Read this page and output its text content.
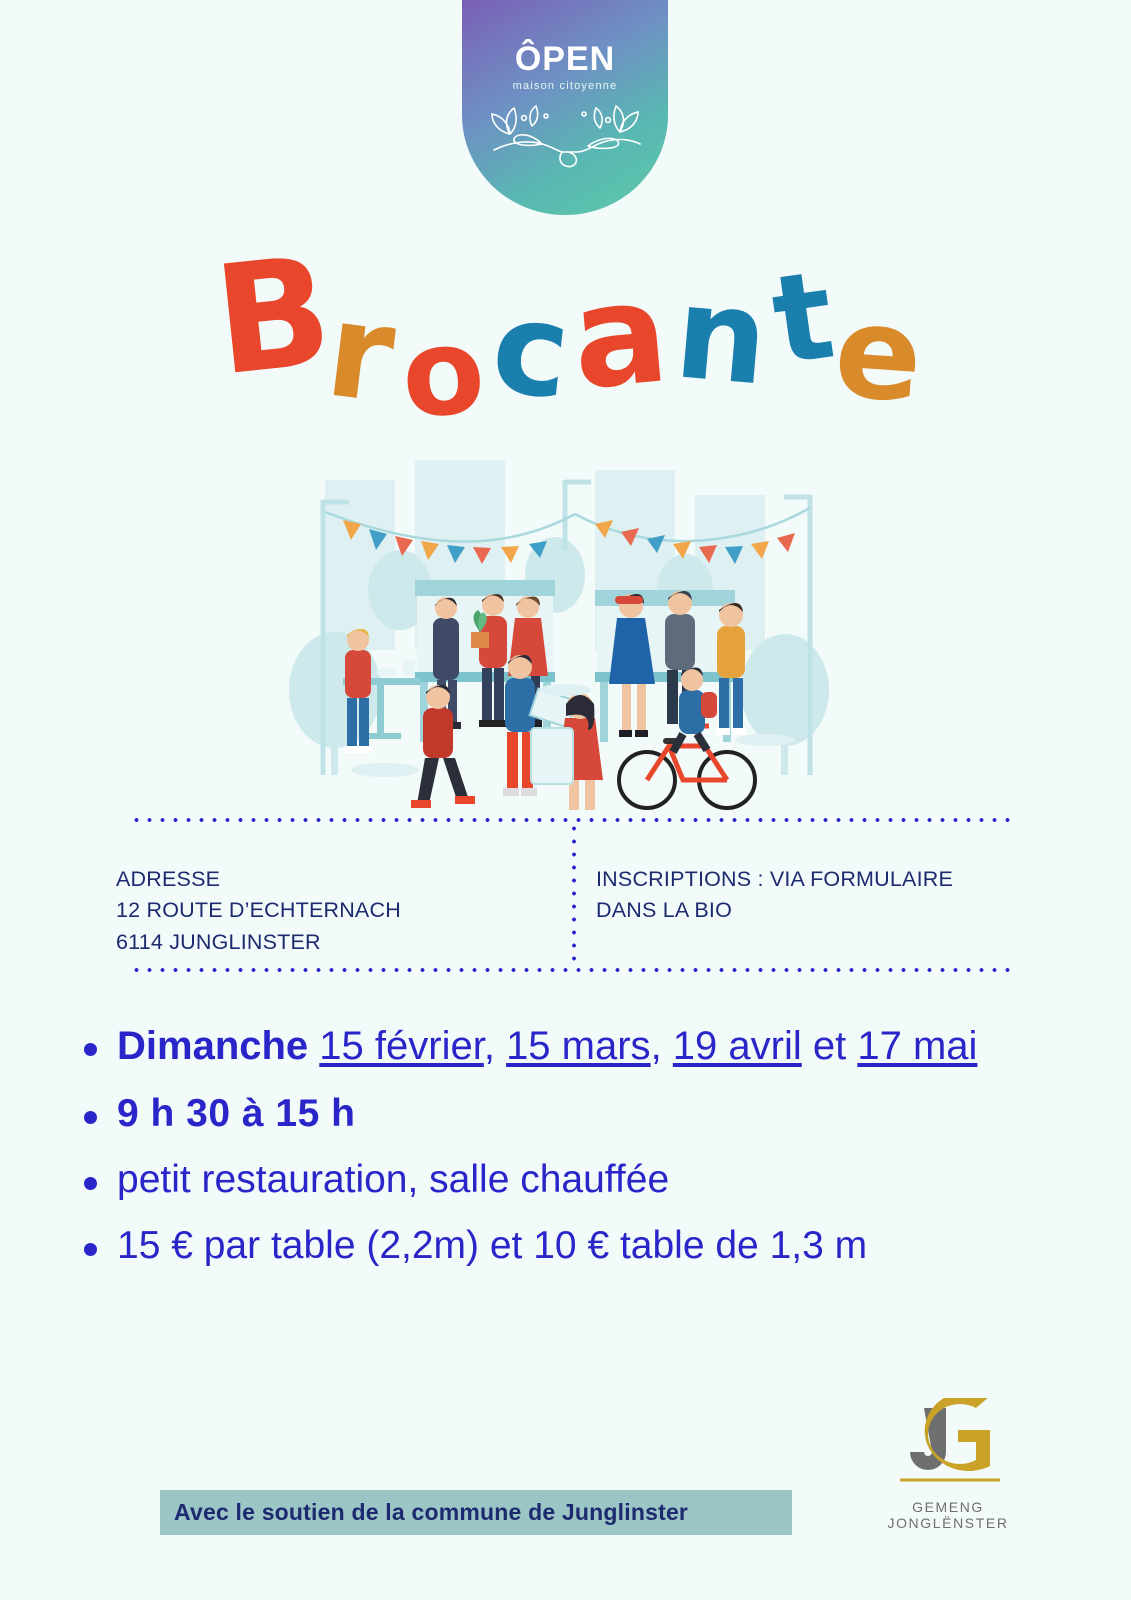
ÔPEN
maison citoyenne
B r o c a n t e
ADRESSE
12 ROUTE D’ECHTERNACH
6114 JUNGLINSTER
INSCRIPTIONS : VIA FORMULAIRE
DANS LA BIO
Dimanche 15 février, 15 mars, 19 avril et 17 mai
9 h 30 à 15 h
petit restauration, salle chauffée
15 € par table (2,2m) et 10 € table de 1,3 m
Avec le soutien de la commune de Junglinster	GEMENG
JONGLËNSTER
